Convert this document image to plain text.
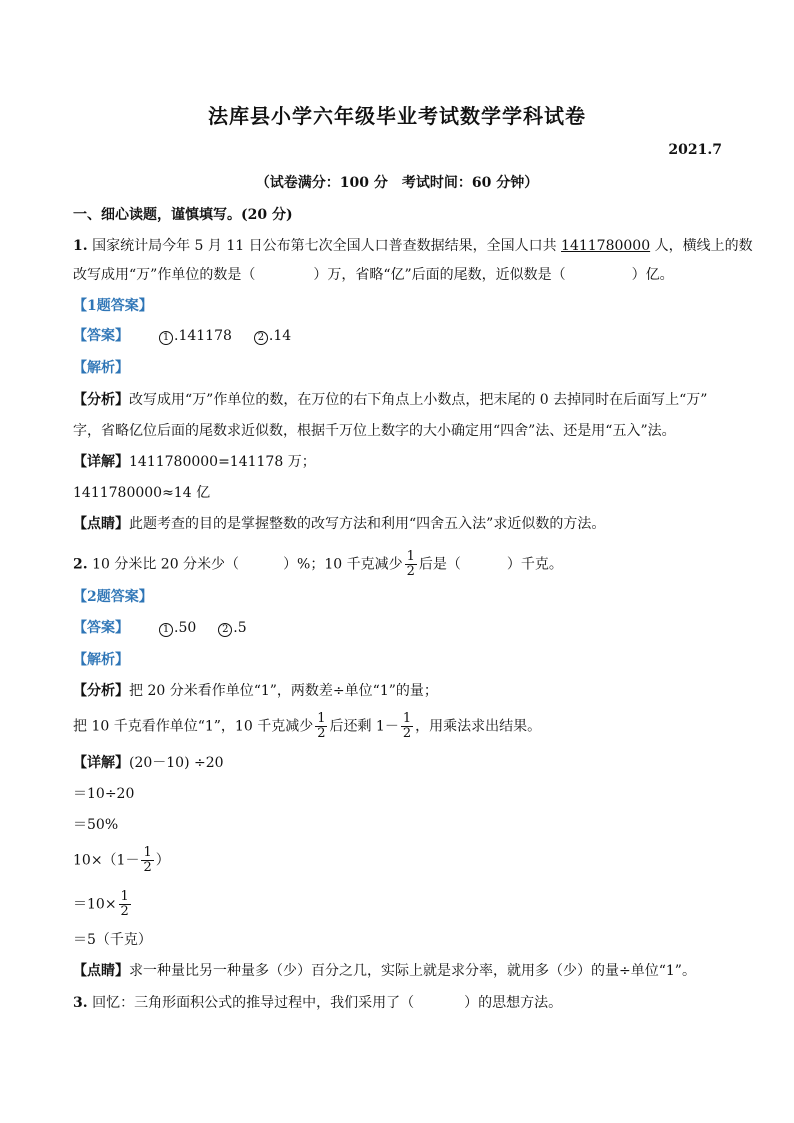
法库县小学六年级毕业考试数学学科试卷
2021.7
（试卷满分：100 分　考试时间：60 分钟）
一、细心读题，谨慎填写。(20 分)
1. 国家统计局今年 5 月 11 日公布第七次全国人口普查数据结果，全国人口共 1411780000 人，横线上的数
改写成用“万”作单位的数是（	）万，省略“亿”后面的尾数，近似数是（	）亿。
【1题答案】
【答案】	1 .141178	2 .14
【解析】
【分析】改写成用“万”作单位的数，在万位的右下角点上小数点，把末尾的 0 去掉同时在后面写上“万”
字，省略亿位后面的尾数求近似数，根据千万位上数字的大小确定用“四舍”法、还是用“五入”法。
【详解】1411780000=141178 万；
1411780000≈14 亿
【点睛】此题考查的目的是掌握整数的改写方法和利用“四舍五入法”求近似数的方法。
2. 10 分米比 20 分米少（	）%；10 千克减少 $\frac{1}{2}$ 后是（	）千克。
【2题答案】
【答案】	1 .50	2 .5
【解析】
【分析】把 20 分米看作单位“1”，两数差÷单位“1”的量；
把 10 千克看作单位“1”，10 千克减少 $\frac{1}{2}$ 后还剩 $1- \frac{1}{2}$ ，用乘法求出结果。
【详解】(20－10) ÷20
＝10÷20
＝50%
$10\times(1- \frac{1}{2}$ ）
$=10\times \frac{1}{2}$
＝5（千克）
【点睛】求一种量比另一种量多（少）百分之几，实际上就是求分率，就用多（少）的量÷单位“1”。
3. 回忆：三角形面积公式的推导过程中，我们采用了（	）的思想方法。
